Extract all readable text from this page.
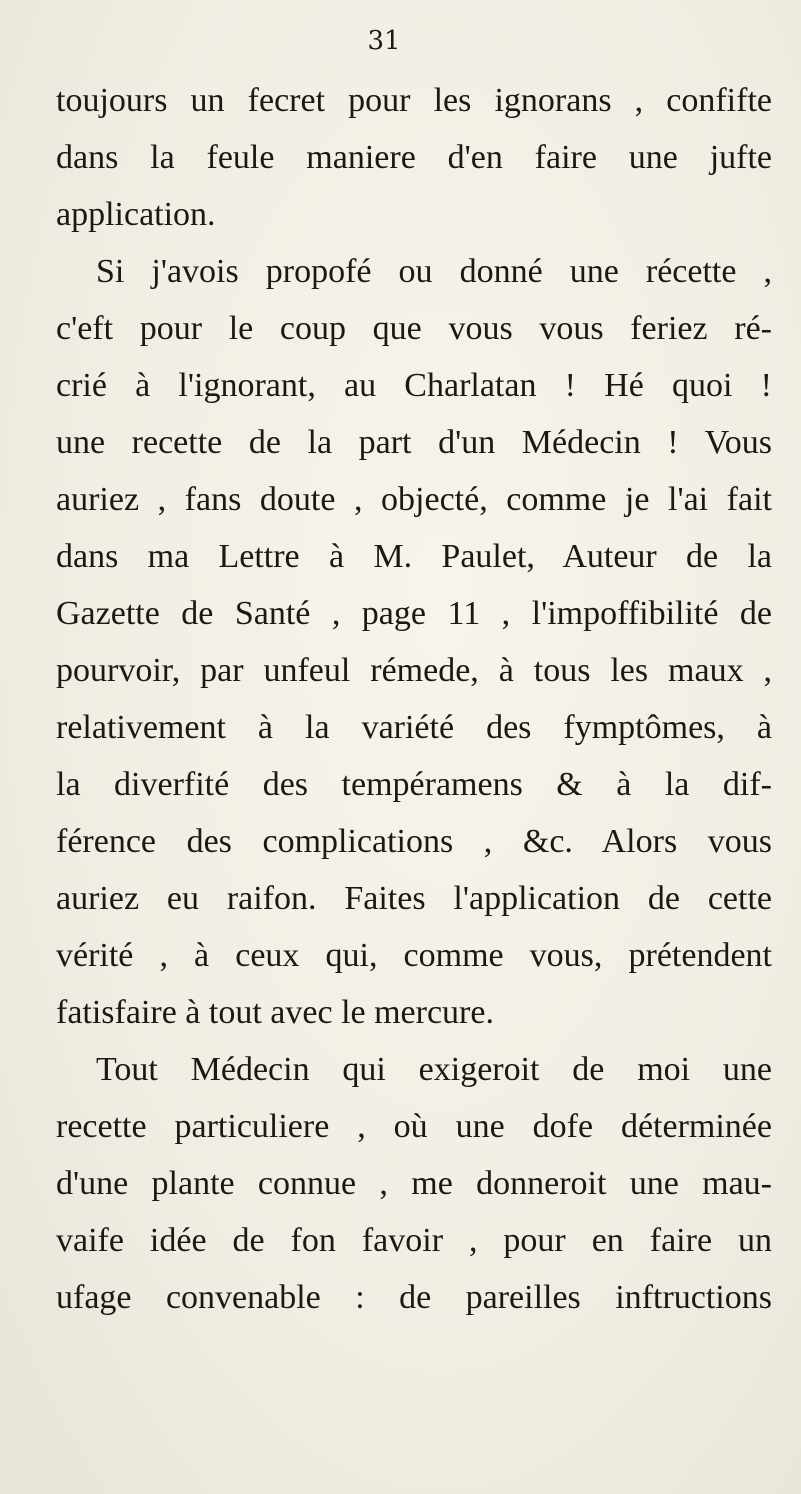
31
toujours un fecret pour les ignorans , confifte
dans la feule maniere d'en faire une jufte
application.
Si j'avois propofé ou donné une récette ,
c'eft pour le coup que vous vous feriez ré-
crié à l'ignorant, au Charlatan ! Hé quoi !
une recette de la part d'un Médecin ! Vous
auriez , fans doute , objecté, comme je l'ai fait
dans ma Lettre à M. Paulet, Auteur de la
Gazette de Santé , page 11 , l'impoffibilité de
pourvoir, par unfeul rémede, à tous les maux ,
relativement à la variété des fymptômes, à
la diverfité des tempéramens & à la dif-
férence des complications , &c. Alors vous
auriez eu raifon. Faites l'application de cette
vérité , à ceux qui, comme vous, prétendent
fatisfaire à tout avec le mercure.
Tout Médecin qui exigeroit de moi une
recette particuliere , où une dofe déterminée
d'une plante connue , me donneroit une mau-
vaife idée de fon favoir , pour en faire un
ufage convenable : de pareilles inftructions
